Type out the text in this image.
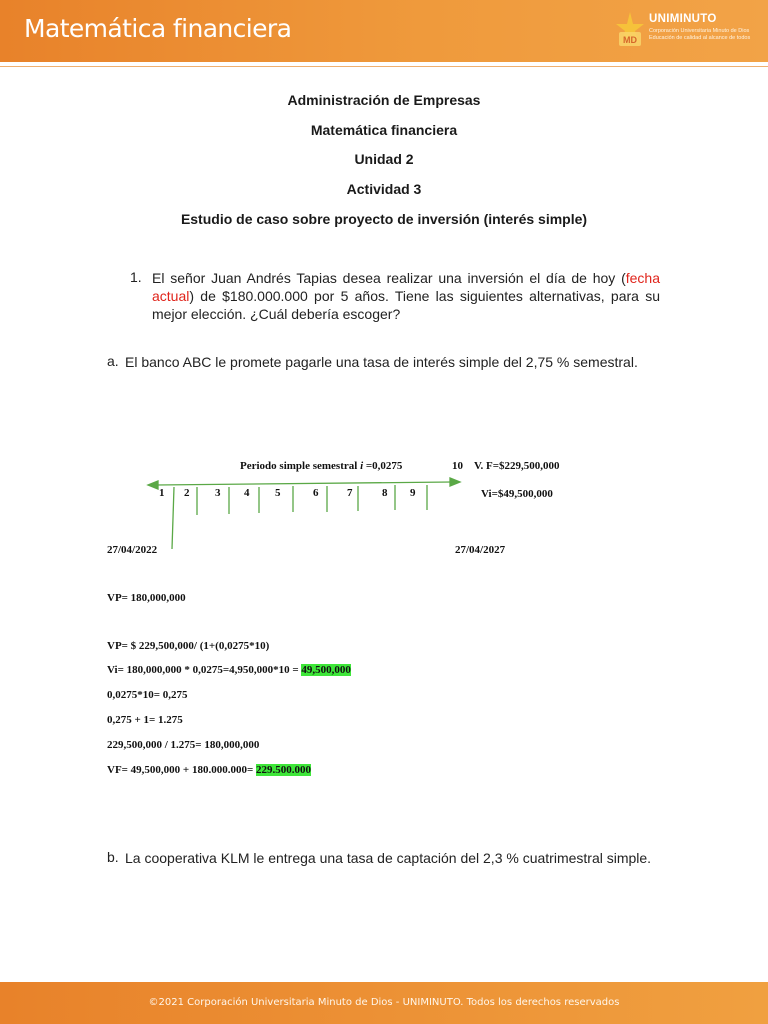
Matemática financiera	MD
UNIMINUTO
Corporación Universitaria Minuto de Dios
Educación de calidad al alcance de todos
Administración de Empresas
Matemática financiera
Unidad 2
Actividad 3
Estudio de caso sobre proyecto de inversión (interés simple)
1. El señor Juan Andrés Tapias desea realizar una inversión el día de hoy (fecha actual) de $180.000.000 por 5 años. Tiene las siguientes alternativas, para su mejor elección. ¿Cuál debería escoger?
a. El banco ABC le promete pagarle una tasa de interés simple del 2,75 % semestral.
Periodo simple semestral i =0,0275	10 V. F=$229,500,000
Vi=$49,500,000
1 2 3 4 5	6	7	8 9
27/04/2022	27/04/2027
VP= 180,000,000
VP= $ 229,500,000/ (1+(0,0275*10)
Vi= 180,000,000 * 0,0275=4,950,000*10 = 49,500,000
0,0275*10= 0,275
0,275 + 1= 1.275
229,500,000 / 1.275= 180,000,000
VF= 49,500,000 + 180.000.000= 229.500.000
b. La cooperativa KLM le entrega una tasa de captación del 2,3 % cuatrimestral simple.
©2021 Corporación Universitaria Minuto de Dios - UNIMINUTO. Todos los derechos reservados
